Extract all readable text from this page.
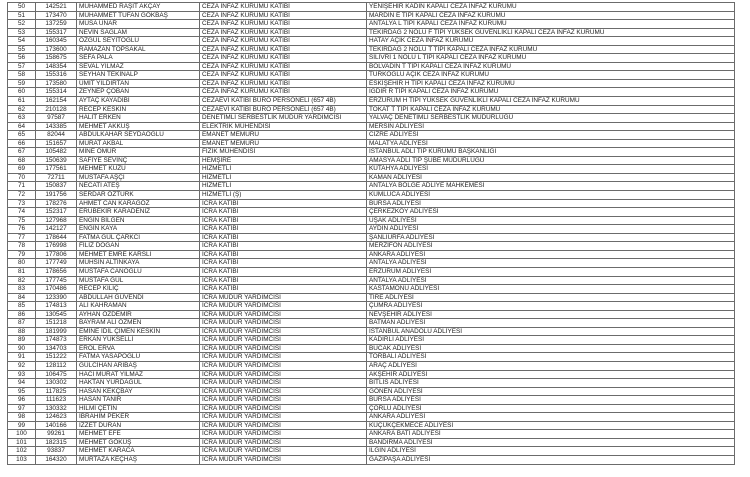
50	142521	MUHAMMED RAŞIT AKÇAY	CEZA İNFAZ KURUMU KATİBİ	YENİŞEHİR KADIN KAPALI CEZA İNFAZ KURUMU
51	173470	MUHAMMET TUFAN GÖKBAŞ	CEZA İNFAZ KURUMU KATİBİ	MARDİN E TİPİ KAPALI CEZA İNFAZ KURUMU
52	137259	MUSA UNAR	CEZA İNFAZ KURUMU KATİBİ	ANTALYA L TİPİ KAPALI CEZA İNFAZ KURUMU
53	155317	NEVİN SAĞLAM	CEZA İNFAZ KURUMU KATİBİ	TEKİRDAĞ 2 NOLU F TİPİ YÜKSEK GÜVENLİKLİ KAPALI CEZA İNFAZ KURUMU
54	160345	ÖZGÜL SEYİTOĞLU	CEZA İNFAZ KURUMU KATİBİ	HATAY AÇIK CEZA İNFAZ KURUMU
55	173600	RAMAZAN TOPSAKAL	CEZA İNFAZ KURUMU KATİBİ	TEKİRDAĞ 2 NOLU T TİPİ KAPALI CEZA İNFAZ KURUMU
56	158675	SEFA PALA	CEZA İNFAZ KURUMU KATİBİ	SİLİVRİ 1 NOLU L TİPİ KAPALI CEZA İNFAZ KURUMU
57	148354	SEVAL YILMAZ	CEZA İNFAZ KURUMU KATİBİ	BOLVADİN T TİPİ KAPALI CEZA İNFAZ KURUMU
58	155316	SEYHAN TEKİNALP	CEZA İNFAZ KURUMU KATİBİ	TÜRKOĞLU AÇIK CEZA İNFAZ KURUMU
59	173580	ÜMİT YILDIRTAN	CEZA İNFAZ KURUMU KATİBİ	ESKİŞEHİR H TİPİ KAPALI CEZA İNFAZ KURUMU
60	155314	ZEYNEP ÇOBAN	CEZA İNFAZ KURUMU KATİBİ	IĞDIR R TİPİ KAPALI CEZA İNFAZ KURUMU
61	162154	AYTAÇ KAYADİBİ	CEZAEVİ KATİBİ BÜRO PERSONELİ (657 4B)	ERZURUM H TİPİ YÜKSEK GÜVENLİKLİ KAPALI CEZA İNFAZ KURUMU
62	210128	RECEP KESKİN	CEZAEVİ KATİBİ BÜRO PERSONELİ (657 4B)	TOKAT T TİPİ KAPALI CEZA İNFAZ KURUMU
63	97587	HALİT ERKEN	DENETİMLİ SERBESTLİK MÜDÜR YARDIMCISI	YALVAÇ DENETİMLİ SERBESTLİK MÜDÜRLÜĞÜ
64	143385	MEHMET AKKUŞ	ELEKTRİK MÜHENDİSİ	MERSİN ADLİYESİ
65	82044	ABDULKAHAR SEYDAOĞLU	EMANET MEMURU	CİZRE ADLİYESİ
66	151657	MURAT AKBAL	EMANET MEMURU	MALATYA ADLİYESİ
67	105482	MİNE ÖMÜR	FİZİK MÜHENDİSİ	İSTANBUL ADLİ TIP KURUMU BAŞKANLIĞI
68	150639	SAFİYE SEVİNÇ	HEMŞİRE	AMASYA ADLİ TIP ŞUBE MÜDÜRLÜĞÜ
69	177561	MEHMET KUZU	HİZMETLİ	KÜTAHYA ADLİYESİ
70	72711	MUSTAFA AŞÇI	HİZMETLİ	KAMAN ADLİYESİ
71	150837	NECATİ ATEŞ	HİZMETLİ	ANTALYA BÖLGE ADLİYE MAHKEMESİ
72	191756	SERDAR ÖZTÜRK	HİZMETLİ (Ş)	KUMLUCA ADLİYESİ
73	178276	AHMET CAN KARAGÖZ	İCRA KATİBİ	BURSA ADLİYESİ
74	152317	ERUBEKİR KARADENİZ	İCRA KATİBİ	ÇERKEZKÖY ADLİYESİ
75	127968	ENGİN BİLGEN	İCRA KATİBİ	UŞAK ADLİYESİ
76	142127	ENGİN KAYA	İCRA KATİBİ	AYDIN ADLİYESİ
77	178644	FATMA GÜL ÇARKCI	İCRA KATİBİ	ŞANLIURFA ADLİYESİ
78	176998	FİLİZ DOĞAN	İCRA KATİBİ	MERZİFON ADLİYESİ
79	177806	MEHMET EMRE KARSLI	İCRA KATİBİ	ANKARA ADLİYESİ
80	177749	MUHSİN ALTINKAYA	İCRA KATİBİ	ANTALYA ADLİYESİ
81	178656	MUSTAFA CANOĞLU	İCRA KATİBİ	ERZURUM ADLİYESİ
82	177745	MUSTAFA GÜL	İCRA KATİBİ	ANTALYA ADLİYESİ
83	170486	RECEP KILIÇ	İCRA KATİBİ	KASTAMONU ADLİYESİ
84	123390	ABDULLAH GÜVENDİ	İCRA MÜDÜR YARDIMCISI	TİRE ADLİYESİ
85	174813	ALİ KAHRAMAN	İCRA MÜDÜR YARDIMCISI	ÇUMRA ADLİYESİ
86	130545	AYHAN ÖZDEMİR	İCRA MÜDÜR YARDIMCISI	NEVŞEHİR ADLİYESİ
87	151218	BAYRAM ALİ ÖZMEN	İCRA MÜDÜR YARDIMCISI	BATMAN ADLİYESİ
88	181999	EMİNE İDİL ÇİMEN KESKİN	İCRA MÜDÜR YARDIMCISI	İSTANBUL ANADOLU ADLİYESİ
89	174873	ERKAN YÜKSELLİ	İCRA MÜDÜR YARDIMCISI	KADIRLI ADLİYESİ
90	134703	EROL ERVA	İCRA MÜDÜR YARDIMCISI	BUCAK ADLİYESİ
91	151222	FATMA YASAPOĞLU	İCRA MÜDÜR YARDIMCISI	TORBALI ADLİYESİ
92	128112	GÜLCİHAN ARIBAŞ	İCRA MÜDÜR YARDIMCISI	ARAÇ ADLİYESİ
93	106475	HACI MURAT YILMAZ	İCRA MÜDÜR YARDIMCISI	AKŞEHİR ADLİYESİ
94	130302	HAKTAN YURDAGÜL	İCRA MÜDÜR YARDIMCISI	BİTLİS ADLİYESİ
95	117825	HASAN KEKÇBAY	İCRA MÜDÜR YARDIMCISI	GÖNEN ADLİYESİ
96	111623	HASAN TANIR	İCRA MÜDÜR YARDIMCISI	BURSA ADLİYESİ
97	130332	HİLMİ ÇETİN	İCRA MÜDÜR YARDIMCISI	ÇORLU ADLİYESİ
98	124623	İBRAHİM PEKER	İCRA MÜDÜR YARDIMCISI	ANKARA ADLİYESİ
99	140166	İZZET DURAN	İCRA MÜDÜR YARDIMCISI	KÜÇÜKÇEKMECE ADLİYESİ
100	99261	MEHMET EFE	İCRA MÜDÜR YARDIMCISI	ANKARA BATI ADLİYESİ
101	182315	MEHMET GÖKÜŞ	İCRA MÜDÜR YARDIMCISI	BANDIRMA ADLİYESİ
102	93837	MEHMET KARACA	İCRA MÜDÜR YARDIMCISI	ILGIN ADLİYESİ
103	164320	MURTAZA KEÇHAŞ	İCRA MÜDÜR YARDIMCISI	GAZİPAŞA ADLİYESİ
